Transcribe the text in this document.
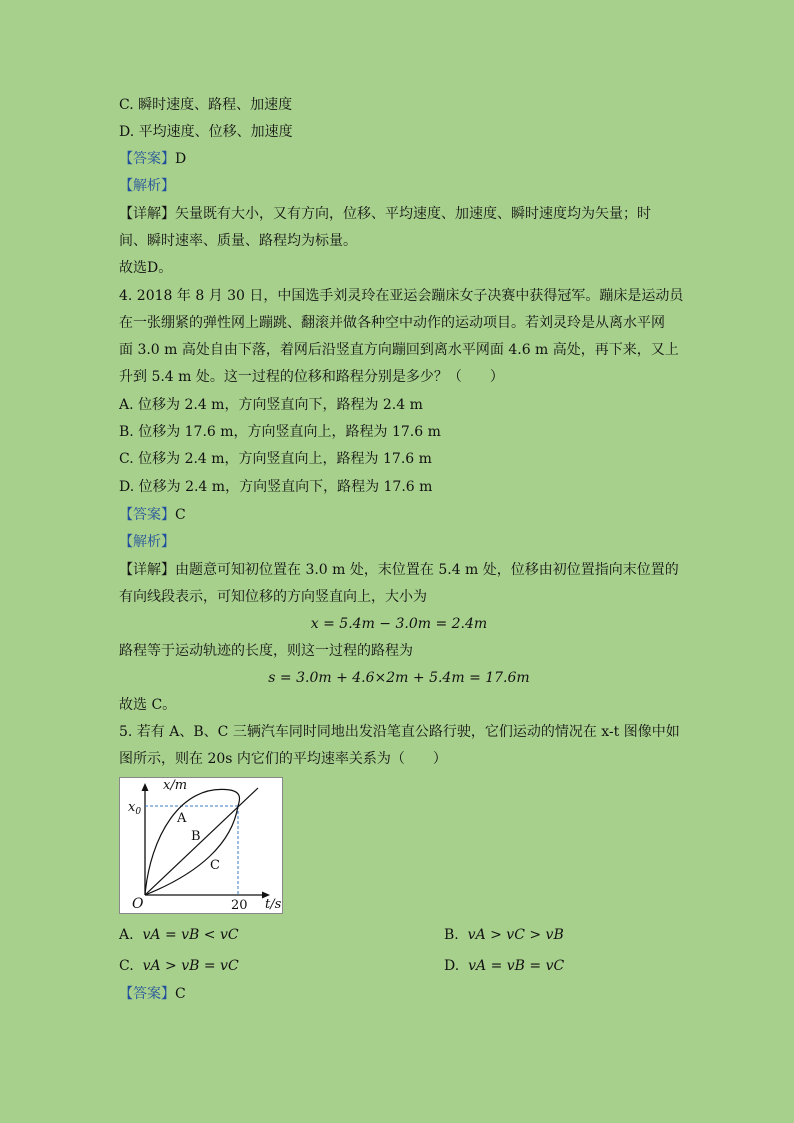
C. 瞬时速度、路程、加速度
D. 平均速度、位移、加速度
【答案】D
【解析】
【详解】矢量既有大小，又有方向，位移、平均速度、加速度、瞬时速度均为矢量；时
间、瞬时速率、质量、路程均为标量。
故选D。
4. 2018 年 8 月 30 日，中国选手刘灵玲在亚运会蹦床女子决赛中获得冠军。蹦床是运动员
在一张绷紧的弹性网上蹦跳、翻滚并做各种空中动作的运动项目。若刘灵玲是从离水平网
面 3.0 m 高处自由下落，着网后沿竖直方向蹦回到离水平网面 4.6 m 高处，再下来，又上
升到 5.4 m 处。这一过程的位移和路程分别是多少？（　　）
A. 位移为 2.4 m，方向竖直向下，路程为 2.4 m
B. 位移为 17.6 m，方向竖直向上，路程为 17.6 m
C. 位移为 2.4 m，方向竖直向上，路程为 17.6 m
D. 位移为 2.4 m，方向竖直向下，路程为 17.6 m
【答案】C
【解析】
【详解】由题意可知初位置在 3.0 m 处，末位置在 5.4 m 处，位移由初位置指向末位置的
有向线段表示，可知位移的方向竖直向上，大小为
x = 5.4m − 3.0m = 2.4m
路程等于运动轨迹的长度，则这一过程的路程为
s = 3.0m + 4.6×2m + 5.4m = 17.6m
故选 C。
5. 若有 A、B、C 三辆汽车同时同地出发沿笔直公路行驶，它们运动的情况在 x-t 图像中如
图所示，则在 20s 内它们的平均速率关系为（　　）
x/m
t/s
$x_0$
O	20
A
B
C
A. vA = vB < vC	B. vA > vC > vB
C. vA > vB = vC	D. vA = vB = vC
【答案】C
